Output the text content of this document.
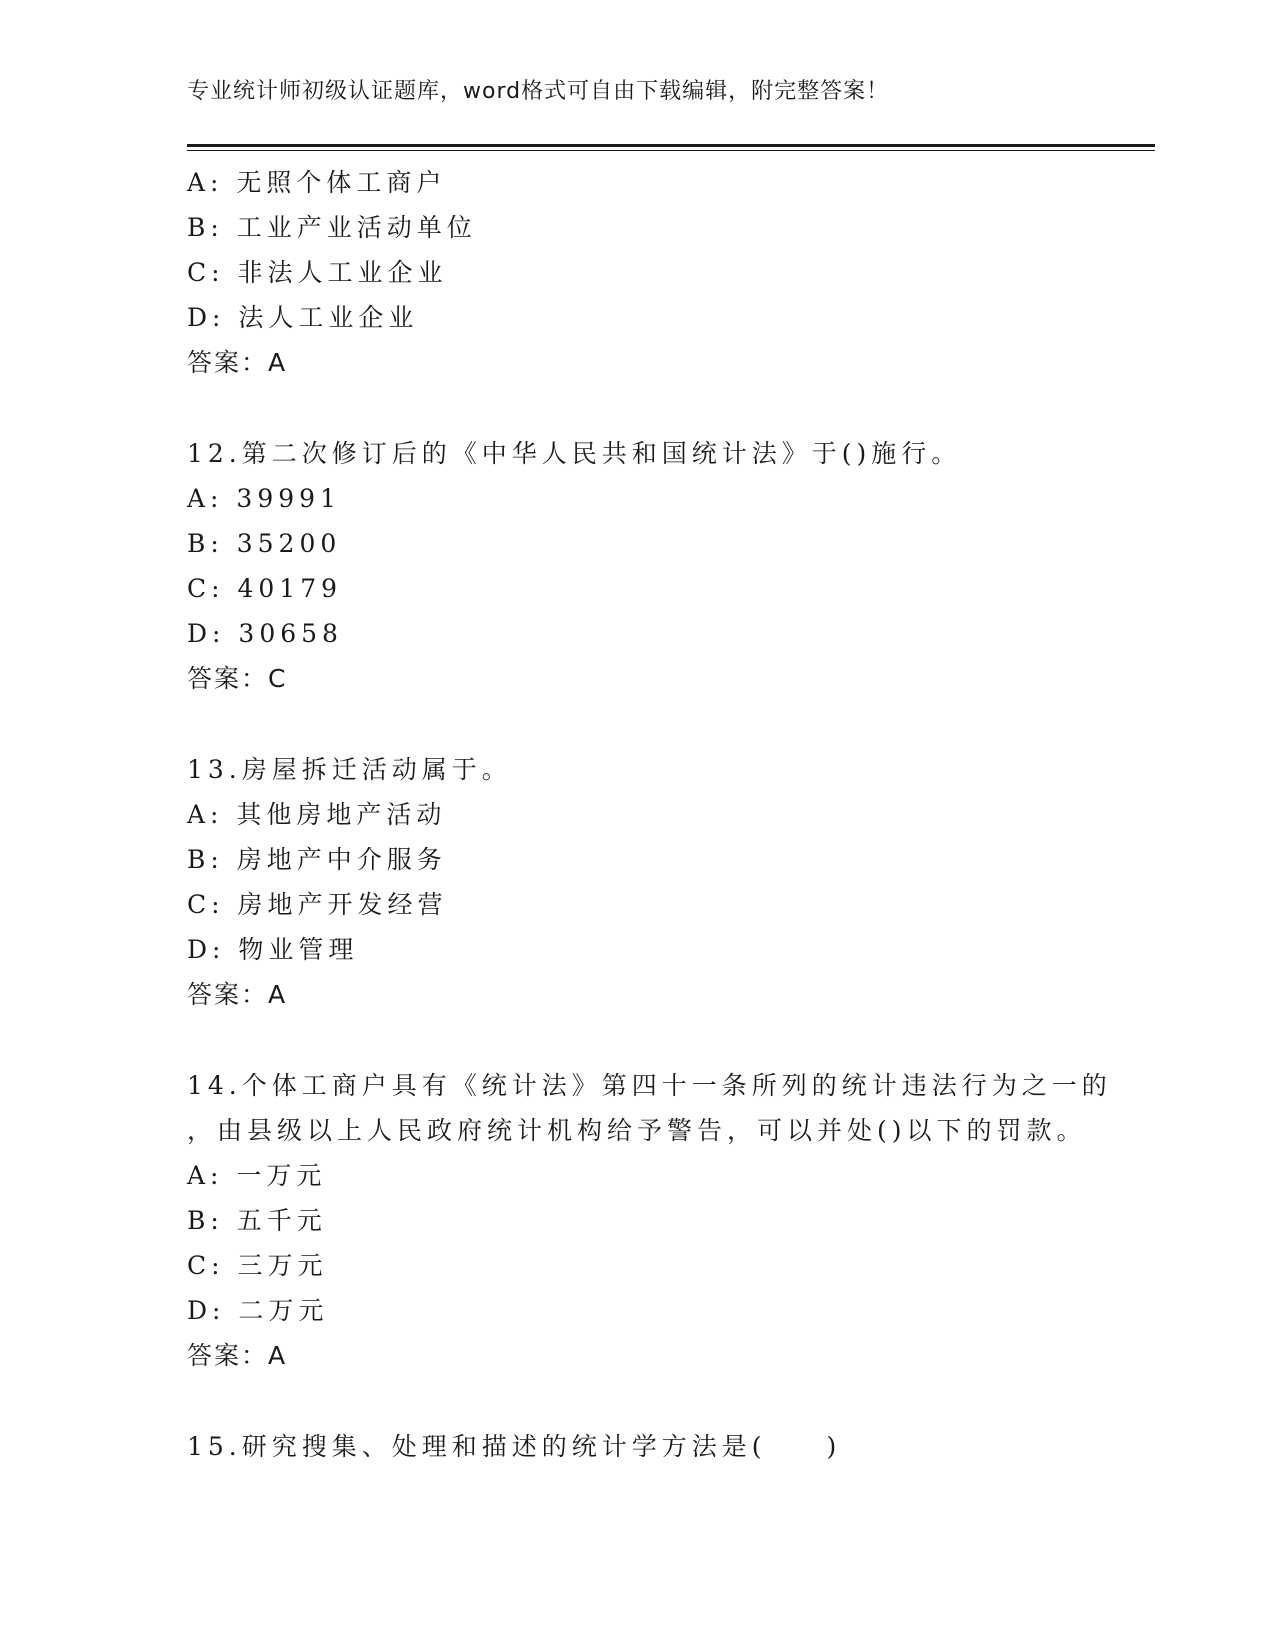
专业统计师初级认证题库，word格式可自由下载编辑，附完整答案！
A: 无照个体工商户
B: 工业产业活动单位
C: 非法人工业企业
D: 法人工业企业
答案：A
12.第二次修订后的《中华人民共和国统计法》于()施行。
A: 39991
B: 35200
C: 40179
D: 30658
答案：C
13.房屋拆迁活动属于。
A: 其他房地产活动
B: 房地产中介服务
C: 房地产开发经营
D: 物业管理
答案：A
14.个体工商户具有《统计法》第四十一条所列的统计违法行为之一的
，由县级以上人民政府统计机构给予警告，可以并处()以下的罚款。
A: 一万元
B: 五千元
C: 三万元
D: 二万元
答案：A
15.研究搜集、处理和描述的统计学方法是(　　)
